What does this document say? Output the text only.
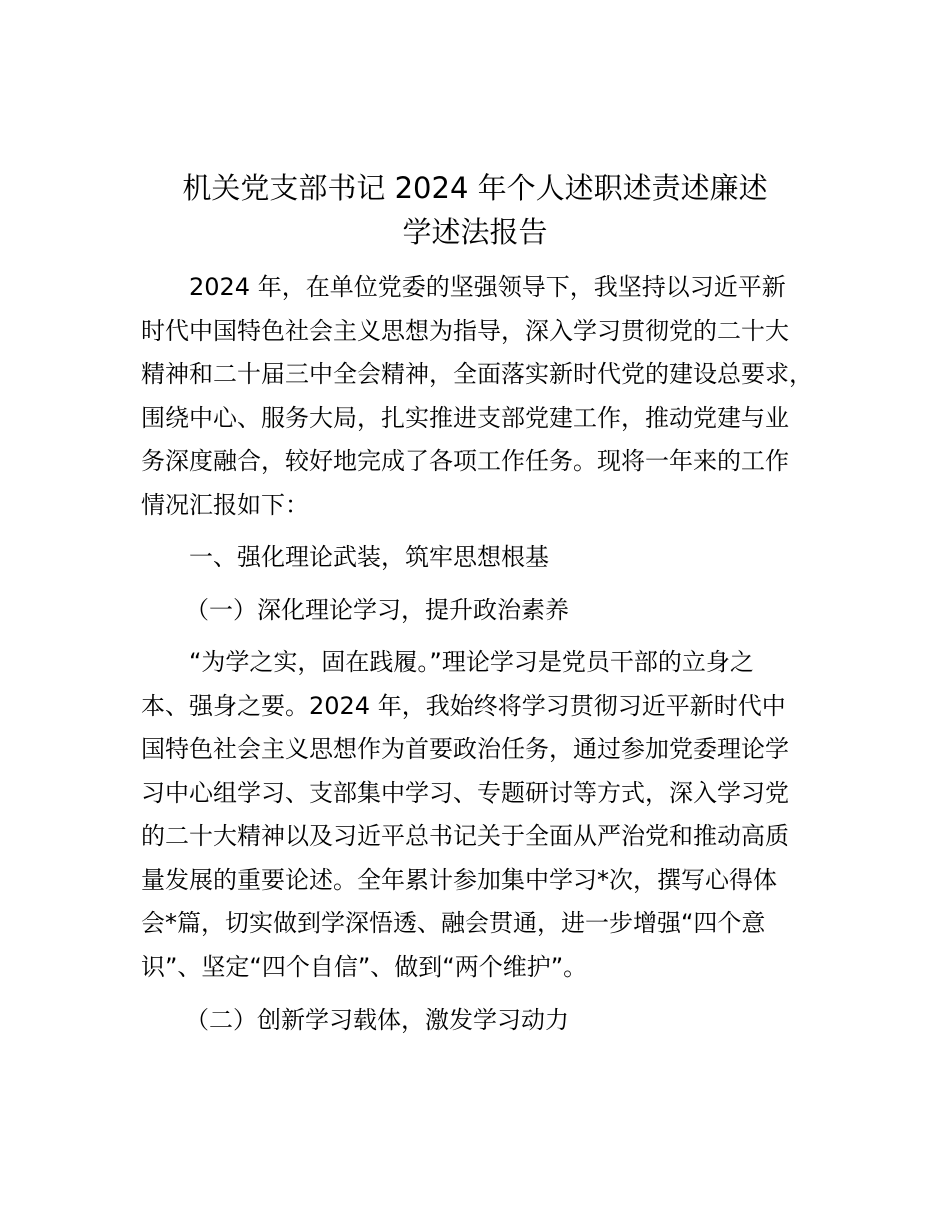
机关党支部书记 2024 年个人述职述责述廉述
学述法报告
2024 年，在单位党委的坚强领导下，我坚持以习近平新
时代中国特色社会主义思想为指导，深入学习贯彻党的二十大
精神和二十届三中全会精神，全面落实新时代党的建设总要求，
围绕中心、服务大局，扎实推进支部党建工作，推动党建与业
务深度融合，较好地完成了各项工作任务。现将一年来的工作
情况汇报如下：
一、强化理论武装，筑牢思想根基
（一）深化理论学习，提升政治素养
“为学之实，固在践履。”理论学习是党员干部的立身之
本、强身之要。2024 年，我始终将学习贯彻习近平新时代中
国特色社会主义思想作为首要政治任务，通过参加党委理论学
习中心组学习、支部集中学习、专题研讨等方式，深入学习党
的二十大精神以及习近平总书记关于全面从严治党和推动高质
量发展的重要论述。全年累计参加集中学习*次，撰写心得体
会*篇，切实做到学深悟透、融会贯通，进一步增强“四个意
识”、坚定“四个自信”、做到“两个维护”。
（二）创新学习载体，激发学习动力
